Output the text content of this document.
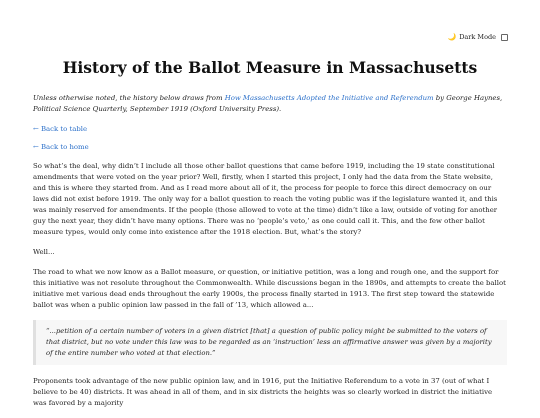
🌙 Dark Mode
History of the Ballot Measure in Massachusetts

Unless otherwise noted, the history below draws from How Massachusetts Adopted the Initiative and Referendum by George Haynes, Political Science Quarterly, September 1919 (Oxford University Press).

← Back to table
← Back to home

So what’s the deal, why didn’t I include all those other ballot questions that came before 1919, including the 19 state constitutional amendments that were voted on the year prior? Well, firstly, when I started this project, I only had the data from the State website, and this is where they started from. And as I read more about all of it, the process for people to force this direct democracy on our laws did not exist before 1919. The only way for a ballot question to reach the voting public was if the legislature wanted it, and this was mainly reserved for amendments. If the people (those allowed to vote at the time) didn’t like a law, outside of voting for another guy the next year, they didn’t have many options. There was no ‘people’s veto,’ as one could call it. This, and the few other ballot measure types, would only come into existence after the 1918 election. But, what’s the story?

Well...

The road to what we now know as a Ballot measure, or question, or initiative petition, was a long and rough one, and the support for this initiative was not resolute throughout the Commonwealth. While discussions began in the 1890s, and attempts to create the ballot initiative met various dead ends throughout the early 1900s, the process finally started in 1913. The first step toward the statewide ballot was when a public opinion law passed in the fall of ’13, which allowed a...

“...petition of a certain number of voters in a given district [that] a question of public policy might be submitted to the voters of that district, but no vote under this law was to be regarded as an ‘instruction’ less an affirmative answer was given by a majority of the entire number who voted at that election.”

Proponents took advantage of the new public opinion law, and in 1916, put the Initiative Referendum to a vote in 37 (out of what I believe to be 40) districts. It was ahead in all of them, and in six districts the heights was so clearly worked in district the initiative was favored by a majority
